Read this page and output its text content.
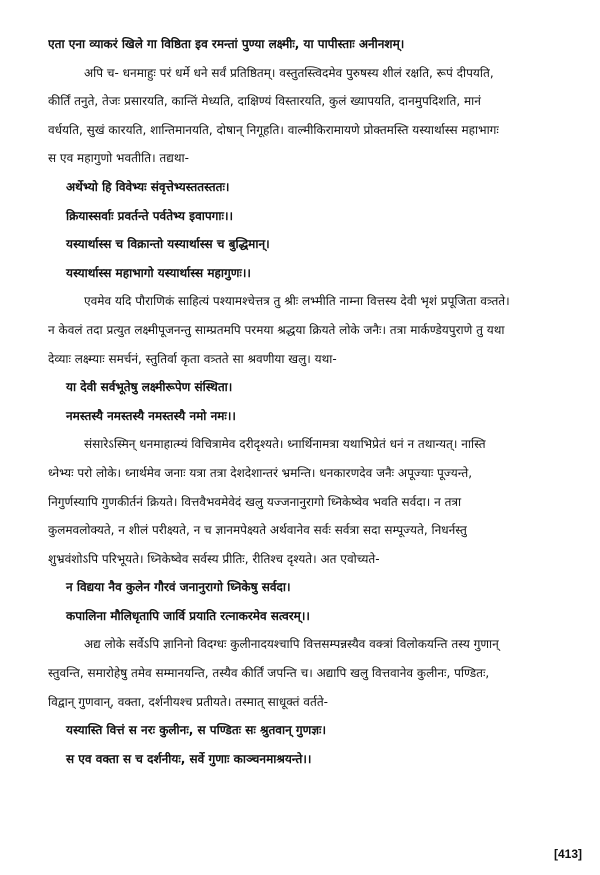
एता एना व्याकरं खिले गा विष्ठिता इव रमन्तां पुण्या लक्ष्मीः, या पापीस्ताः अनीनशम्।
अपि च- धनमाहुः परं धर्मे धने सर्वं प्रतिष्ठितम्। वस्तुतस्त्विदमेव पुरुषस्य शीलं रक्षति, रूपं दीपयति,
कीर्तिं तनुते, तेजः प्रसारयति, कान्तिं मेध्यति, दाक्षिण्यं विस्तारयति, कुलं ख्यापयति, दानमुपदिशति, मानं
वर्धयति, सुखं कारयति, शान्तिमानयति, दोषान् निगूहति। वाल्मीकिरामायणे प्रोक्तमस्ति यस्यार्थास्स महाभागः
स एव महागुणो भवतीति। तद्यथा-
अर्थेभ्यो हि विवेभ्यः संवृत्तेभ्यस्ततस्ततः।
क्रियास्सर्वाः प्रवर्तन्ते पर्वतेभ्य इवापगाः।।
यस्यार्थास्स च विक्रान्तो यस्यार्थास्स च बुद्धिमान्।
यस्यार्थास्स महाभागो यस्यार्थास्स महागुणः।।
एवमेव यदि पौराणिकं साहित्यं पश्यामश्चेत्तत्र तु श्रीः लभ्मीति नाम्ना वित्तस्य देवी भृशं प्रपूजिता वत्र्तते।
न केवलं तदा प्रत्युत लक्ष्मीपूजनन्तु साम्प्रतमपि परमया श्रद्धया क्रियते लोके जनैः। तत्रा मार्कण्डेयपुराणे तु यथा
देव्याः लक्ष्म्याः समर्चनं, स्तुतिर्वा कृता वत्र्तते सा श्रवणीया खलु। यथा-
या देवी सर्वभूतेषु लक्ष्मीरूपेण संस्थिता।
नमस्तस्यै नमस्तस्यै नमस्तस्यै नमो नमः।।
संसारेऽस्मिन् धनमाहात्म्यं विचित्रामेव दरीदृश्यते। ध्नार्थिनामत्रा यथाभिप्रेतं धनं न तथान्यत्। नास्ति
ध्नेभ्यः परो लोके। ध्नार्थमेव जनाः यत्रा तत्रा देशदेशान्तरं भ्रमन्ति। धनकारणदेव जनैः अपूज्याः पूज्यन्ते,
निगुर्णस्यापि गुणकीर्तनं क्रियते। वित्तवैभवमेवेदं खलु यज्जनानुरागो ध्निकेष्वेव भवति सर्वदा। न तत्रा
कुलमवलोक्यते, न शीलं परीक्ष्यते, न च ज्ञानमपेक्ष्यते अर्थवानेव सर्वः सर्वत्रा सदा सम्पूज्यते, निधर्नस्तु
शुभ्रवंशोऽपि परिभूयते। ध्निकेष्वेव सर्वस्य प्रीतिः, रीतिश्च दृश्यते। अत एवोच्यते-
न विद्यया नैव कुलेन गौरवं जनानुरागो ध्निकेषु सर्वदा।
कपालिना मौलिधृतापि जार्वि प्रयाति रत्नाकरमेव सत्वरम्।।
अद्य लोके सर्वेऽपि ज्ञानिनो विदग्धः कुलीनादयश्चापि वित्तसम्पन्नस्यैव वक्त्रां विलोकयन्ति तस्य गुणान्
स्तुवन्ति, समारोहेषु तमेव सम्मानयन्ति, तस्यैव कीर्तिं जपन्ति च। अद्यापि खलु वित्तवानेव कुलीनः, पण्डितः,
विद्वान् गुणवान्, वक्ता, दर्शनीयश्च प्रतीयते। तस्मात् साधूक्तं वर्तते-
यस्यास्ति वित्तं स नरः कुलीनः, स पण्डितः सः श्रुतवान् गुणज्ञः।
स एव वक्ता स च दर्शनीयः, सर्वे गुणाः काञ्चनमाश्रयन्ते।।
[413]
